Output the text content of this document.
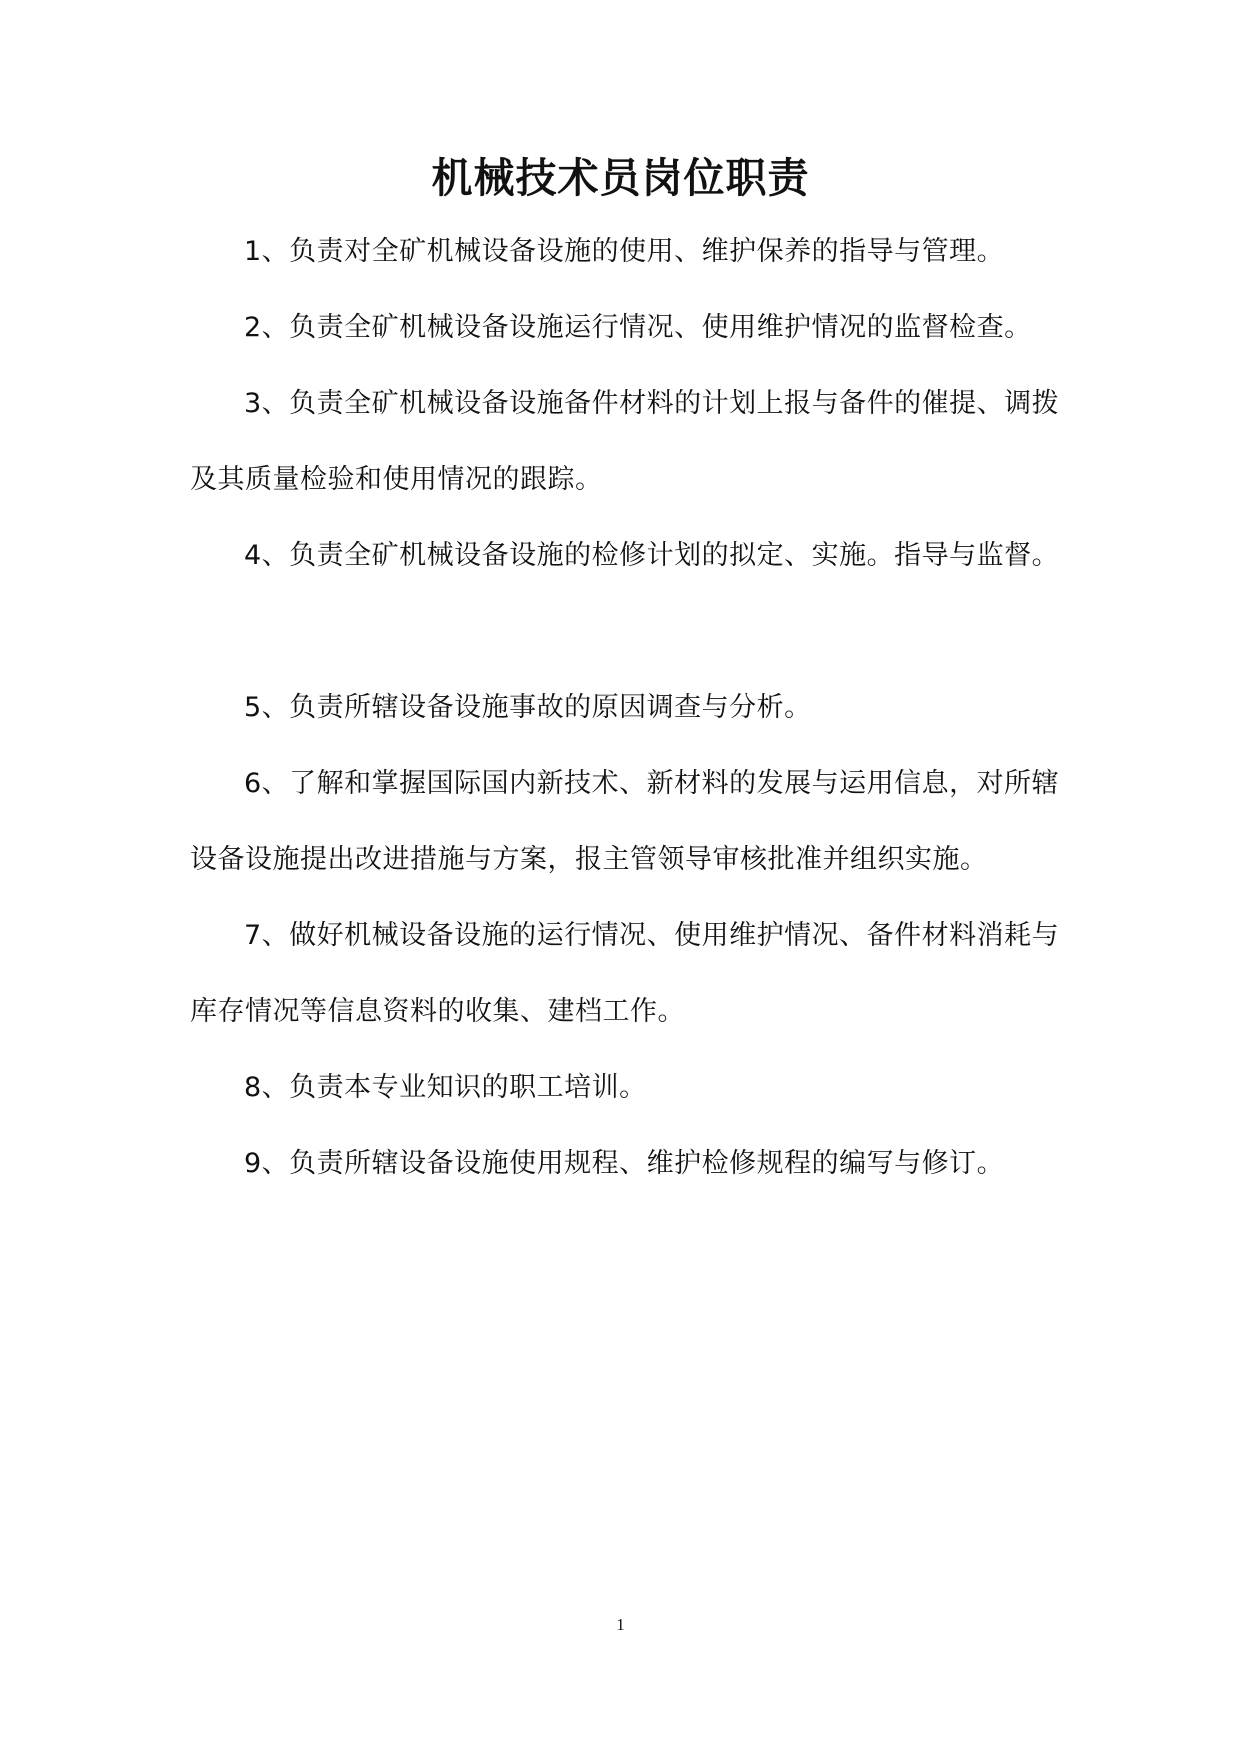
机械技术员岗位职责
1、负责对全矿机械设备设施的使用、维护保养的指导与管理。
2、负责全矿机械设备设施运行情况、使用维护情况的监督检查。
3、负责全矿机械设备设施备件材料的计划上报与备件的催提、调拨及其质量检验和使用情况的跟踪。
4、负责全矿机械设备设施的检修计划的拟定、实施。指导与监督。
5、负责所辖设备设施事故的原因调查与分析。
6、了解和掌握国际国内新技术、新材料的发展与运用信息，对所辖设备设施提出改进措施与方案，报主管领导审核批准并组织实施。
7、做好机械设备设施的运行情况、使用维护情况、备件材料消耗与库存情况等信息资料的收集、建档工作。
8、负责本专业知识的职工培训。
9、负责所辖设备设施使用规程、维护检修规程的编写与修订。
1
